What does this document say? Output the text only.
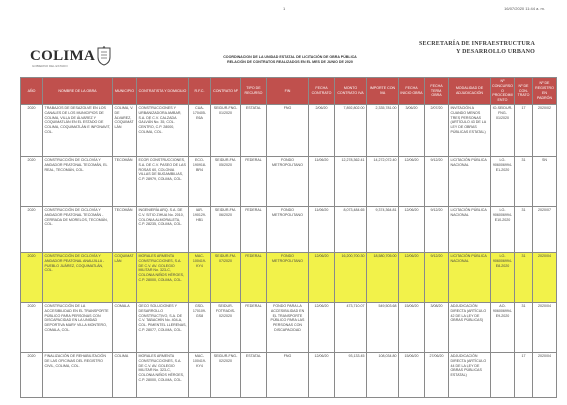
1	16/07/2020 11:44 a. m.
COLIMA
GOBIERNO DEL ESTADO
COORDINACION DE LA UNIDAD ESTATAL DE LICITACIÓN DE OBRA PÚBLICA
RELACIÓN DE CONTRATOS REALIZADOS EN EL MES DE JUNIO DE 2020
SECRETARÍA DE INFRAESTRUCTURA
Y DESARROLLO URBANO
AÑO	NOMBRE DE LA OBRA	MUNICIPIO	CONTRATISTA Y DOMICILIO	R.F.C.	CONTRATO Nº	TIPO DE RECURSO	FIN	FECHA CONTRATO	MONTO CONTRATO IVA	IMPORTE CON IVA	FECHA INICIO OBRA	FECHA TERM. OBRA	MODALIDAD DE ADJUDICACIÓN	Nº CONCURSO O PROCEDIMIENTO	Nº DE CON- TRATO	Nº DE REGISTRO EN PADRÓN
2020	TRABAJOS DE DESAZOLVE EN LOS CANALES DE LOS MUNICIPIOS DE COLIMA, VILLA DE ÁLVAREZ Y COQUIMATLÁN EN EL ESTADO DE COLIMA, COQUIMATLÁN E INFONAVIT, COL.	COLIMA, V. DE ÁLVAREZ, COQUIMATLÁN	CONSTRUCCIONES Y URBANIZADORA AMBAR, S.A. DE C.V. CALZADA GALVÁN No. 35, COL. CENTRO, C.P. 28000, COLIMA, COL.	CUA-170405-E6A	SEIDUR-FNG-01/2020	ESTATAL	FNG	2/06/20	7,892,802.00	2,335,781.00	3/06/20	2/07/20	INVITACIÓN A CUANDO MENOS TRES PERSONAS (ARTÍCULO 43 DE LA LEY DE OBRAS PÚBLICAS ESTATAL)	IO-SEIDUR-FNG-01/2020	17	2020/02
2020	CONSTRUCCIÓN DE CICLOVÍA Y ANDADOR PEATONAL TECOMÁN, EL REAL, TECOMÁN, COL.	TECOMÁN	ECOR CONSTRUCCIONES, S.A. DE C.V. PASEO DE LAS ROSAS 60, COLONIA VILLAS DE BUGAMBILIAS, C.P. 28979, COLIMA, COL.	ECO-190918-BR4	SEIDUR-FM-05/2020	FEDERAL	FONDO METROPOLITANO	11/06/20	12,278,362.41	14,272,072.40	12/06/20	9/12/20	LICITACIÓN PÚBLICA NACIONAL	LO-906006994-E1-2020	31	SN
2020	CONSTRUCCIÓN DE CICLOVÍA Y ANDADOR PEATONAL TECOMÁN - CERRADA DE MORELOS, TECOMÁN, COL.	TECOMÁN	INGENIERÍA ARQ. S.A. DE C.V. SITIO ZIHUA No. 2010, COLONIA ALMORALETA, C.P. 28235, COLIMA, COL.	IAR-190129-HB1	SEIDUR-FM-06/2020	FEDERAL	FONDO METROPOLITANO	11/06/20	8,073,484.65	9,374,364.81	12/06/20	9/12/20	LICITACIÓN PÚBLICA NACIONAL	LO-906006994-E10-2020	31	2020/07
2020	CONSTRUCCIÓN DE CICLOVÍA Y ANDADOR PEATONAL ANAUJILLA - PUEBLO JUÁREZ, COQUIMATLÁN, COL.	COQUIMATLÁN	MORALES ARMENTA CONSTRUCCIONES, S.A. DE C.V. AV. GOLEGIO MILITAR No. 323-C, COLONIA NIÑOS HÉROES, C.P. 28000, COLIMA, COL.	MAC-100419-KY4	SEIDUR-FM-07/2020	FEDERAL	FONDO METROPOLITANO	12/06/20	16,200,700.30	18,580,705.00	12/06/20	9/12/20	LICITACIÓN PÚBLICA NACIONAL	LO-906006994-E8-2020	31	2020/04
2020	CONSTRUCCIÓN DE LA ACCESIBILIDAD EN EL TRANSPORTE PÚBLICO PARA PERSONAS CON DISCAPACIDAD EN LA UNIDAD DEPORTIVA MARY VILLA MONTERO, COMALA, COL.	COMALA	GECO SOLUCIONES Y DESARROLLO CONSTRUCTIVO, S.A. DE C.V. TABACHÍN No. 404-A, COL. PIMENTEL LLERENAS, C.P. 28077, COLIMA, COL.	GSD-170109-GS8	SEIDUR-FOTRADIS-02/2020	FEDERAL	FONDO PARA LA ACCESIBILIDAD EN EL TRANSPORTE PÚBLICO PARA LAS PERSONAS CON DISCAPACIDAD	12/06/20	473,710.07	549,503.68	15/06/20	3/08/20	ADJUDICACIÓN DIRECTA (ARTÍCULO 42 DE LA LEY DE OBRAS PÚBLICAS)	AO-906006994-E9-2020	31	2020/04
2020	FINALIZACIÓN DE REHABILITACIÓN DE LAS OFICINAS DEL REGISTRO CIVIL, COLIMA, COL.	COLIMA	MORALES ARMENTA CONSTRUCCIONES, S.A. DE C.V. AV. GOLEGIO MILITAR No. 323-C, COLONIA NIÑOS HÉROES, C.P. 28000, COLIMA, COL.	MAC-100419-KY4	SEIDUR-FNG-02/2020	ESTATAL	FNG	12/06/20	93,133.45	108,034.80	15/06/20	27/06/20	ADJUDICACIÓN DIRECTA (ARTÍCULO 44 DE LA LEY DE OBRAS PÚBLICAS ESTATAL)		17	2020/04
